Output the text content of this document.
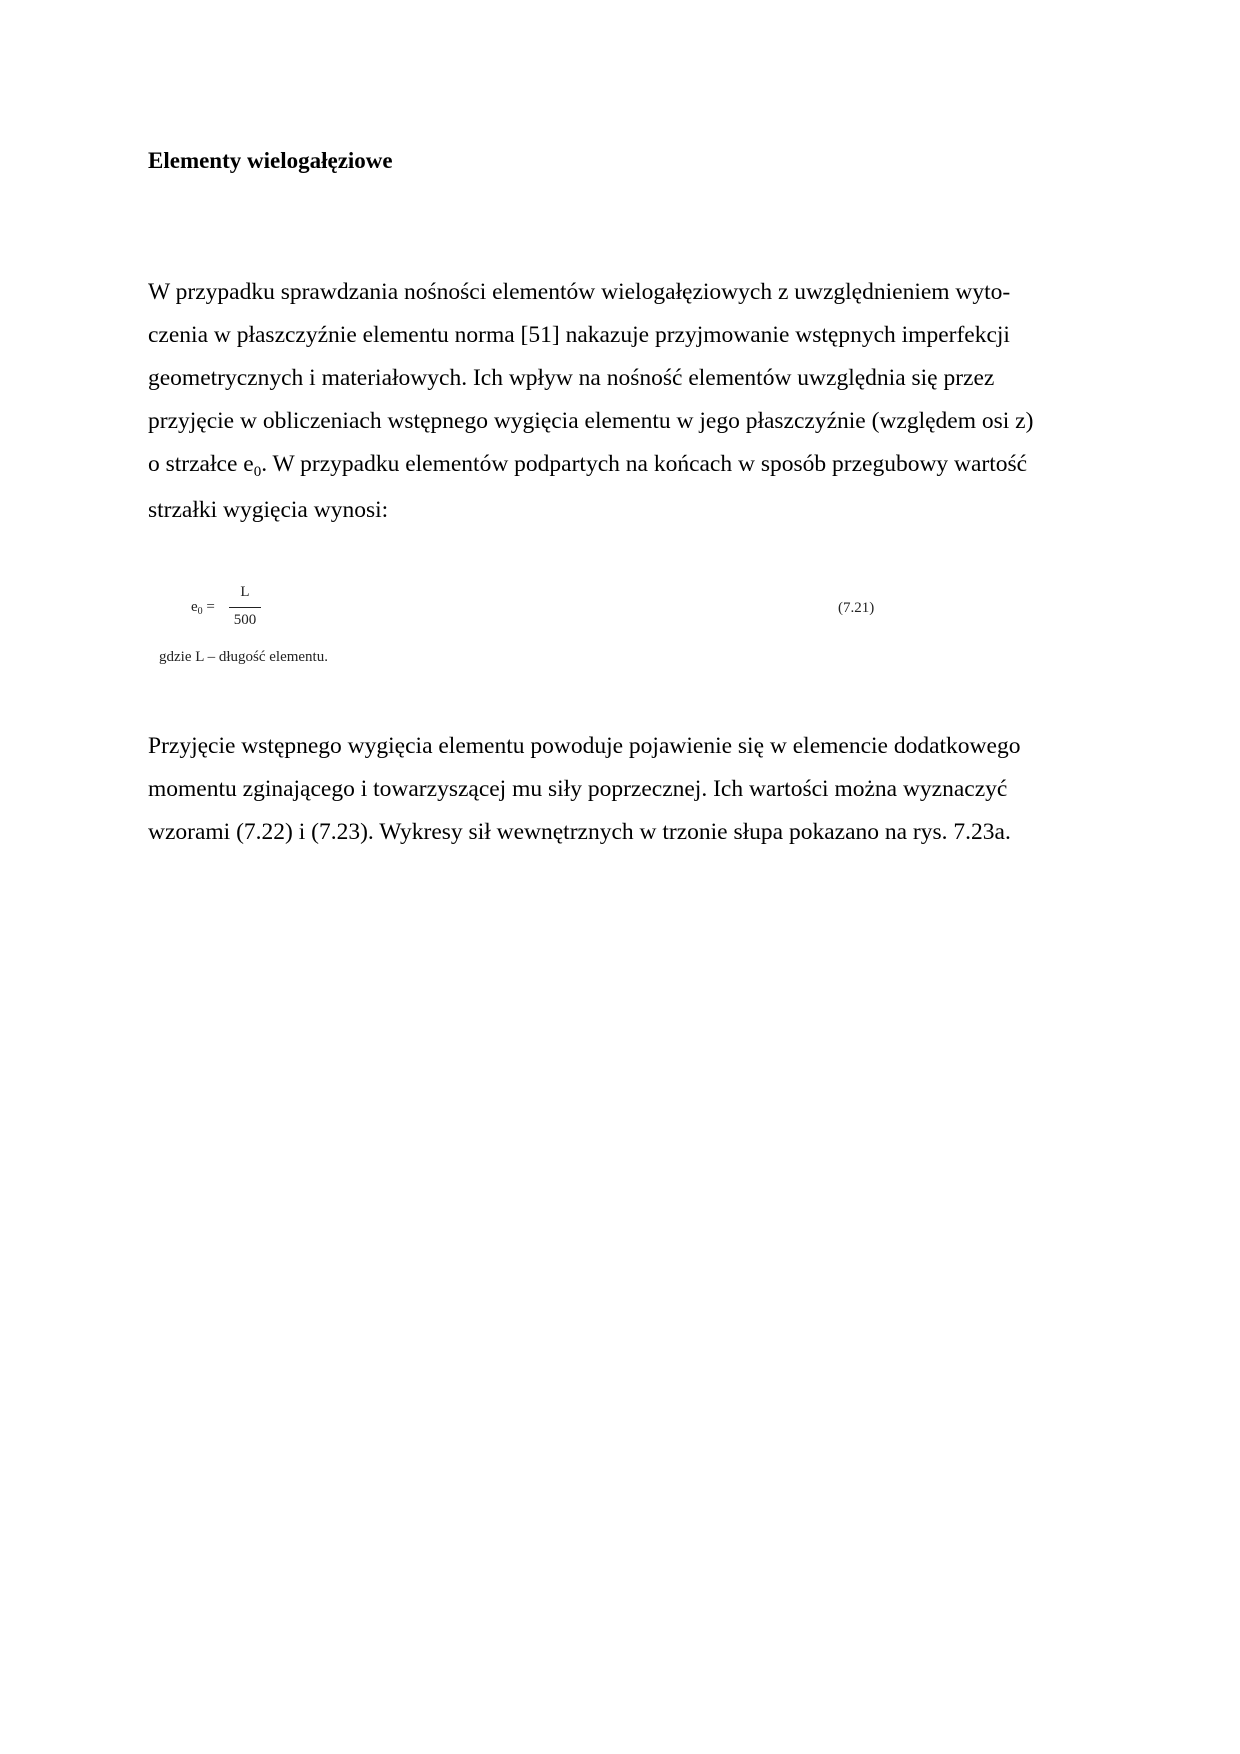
Elementy wielogałęziowe

W przypadku sprawdzania nośności elementów wielogałęziowych z uwzględnieniem wyto-
czenia w płaszczyźnie elementu norma [51] nakazuje przyjmowanie wstępnych imperfekcji
geometrycznych i materiałowych. Ich wpływ na nośność elementów uwzględnia się przez
przyjęcie w obliczeniach wstępnego wygięcia elementu w jego płaszczyźnie (względem osi z)
o strzałce $e_0$. W przypadku elementów podpartych na końcach w sposób przegubowy wartość
strzałki wygięcia wynosi:

$e_0$ =
L
500
(7.21)
gdzie L – długość elementu.

Przyjęcie wstępnego wygięcia elementu powoduje pojawienie się w elemencie dodatkowego
momentu zginającego i towarzyszącej mu siły poprzecznej. Ich wartości można wyznaczyć
wzorami (7.22) i (7.23). Wykresy sił wewnętrznych w trzonie słupa pokazano na rys. 7.23a.
